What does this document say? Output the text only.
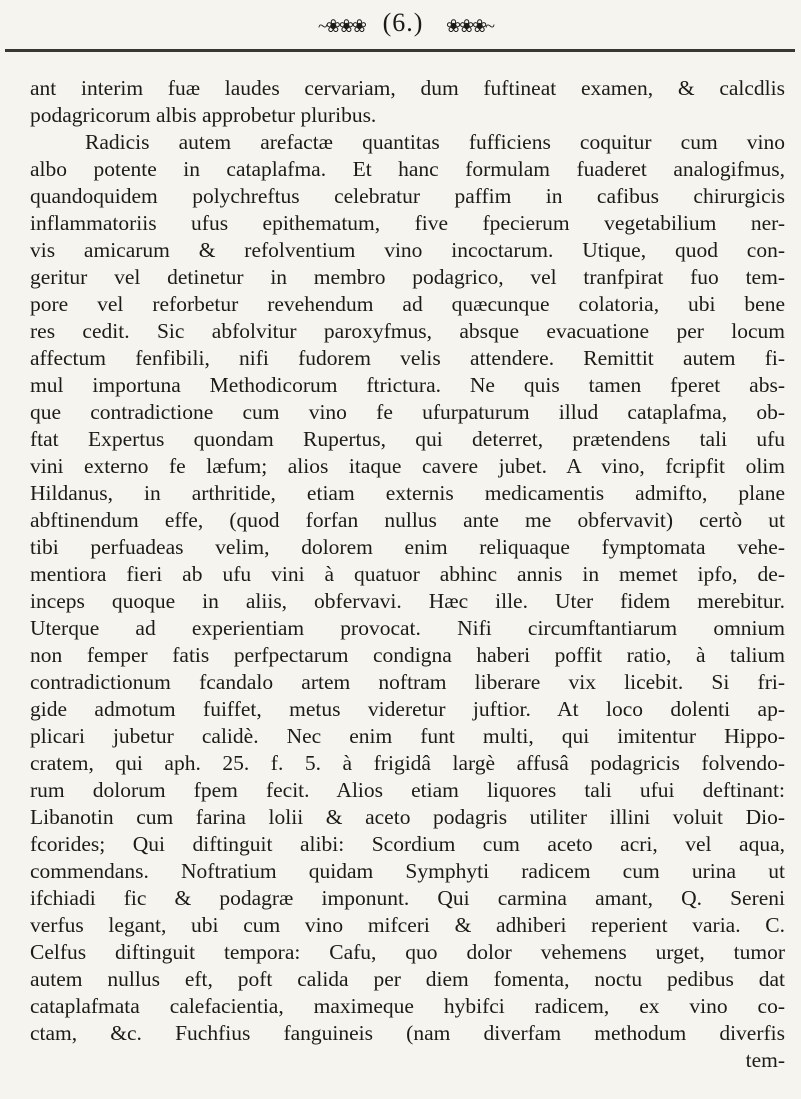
~❀❀❀ (6.)	❀❀❀~
ant interim fuæ laudes cervariam, dum fuftineat examen, & calcdlis
podagricorum albis approbetur pluribus.
Radicis autem arefactæ quantitas fufficiens coquitur cum vino
albo potente in cataplafma. Et hanc formulam fuaderet analogifmus,
quandoquidem polychreftus celebratur paffim in cafibus chirurgicis
inflammatoriis ufus epithematum, five fpecierum vegetabilium ner-
vis amicarum & refolventium vino incoctarum. Utique, quod con-
geritur vel detinetur in membro podagrico, vel tranfpirat fuo tem-
pore vel reforbetur revehendum ad quæcunque colatoria, ubi bene
res cedit. Sic abfolvitur paroxyfmus, absque evacuatione per locum
affectum fenfibili, nifi fudorem velis attendere. Remittit autem fi-
mul importuna Methodicorum ftrictura. Ne quis tamen fperet abs-
que contradictione cum vino fe ufurpaturum illud cataplafma, ob-
ftat Expertus quondam Rupertus, qui deterret, prætendens tali ufu
vini externo fe læfum; alios itaque cavere jubet. A vino, fcripfit olim
Hildanus, in arthritide, etiam externis medicamentis admifto, plane
abftinendum effe, (quod forfan nullus ante me obfervavit) certò ut
tibi perfuadeas velim, dolorem enim reliquaque fymptomata vehe-
mentiora fieri ab ufu vini à quatuor abhinc annis in memet ipfo, de-
inceps quoque in aliis, obfervavi. Hæc ille. Uter fidem merebitur.
Uterque ad experientiam provocat. Nifi circumftantiarum omnium
non femper fatis perfpectarum condigna haberi poffit ratio, à talium
contradictionum fcandalo artem noftram liberare vix licebit. Si fri-
gide admotum fuiffet, metus videretur juftior. At loco dolenti ap-
plicari jubetur calidè. Nec enim funt multi, qui imitentur Hippo-
cratem, qui aph. 25. f. 5. à frigidâ largè affusâ podagricis folvendo-
rum dolorum fpem fecit. Alios etiam liquores tali ufui deftinant:
Libanotin cum farina lolii & aceto podagris utiliter illini voluit Dio-
fcorides; Qui diftinguit alibi: Scordium cum aceto acri, vel aqua,
commendans. Noftratium quidam Symphyti radicem cum urina ut
ifchiadi fic & podagræ imponunt. Qui carmina amant, Q. Sereni
verfus legant, ubi cum vino mifceri & adhiberi reperient varia. C.
Celfus diftinguit tempora: Cafu, quo dolor vehemens urget, tumor
autem nullus eft, poft calida per diem fomenta, noctu pedibus dat
cataplafmata calefacientia, maximeque hybifci radicem, ex vino co-
ctam, &c. Fuchfius fanguineis (nam diverfam methodum diverfis
tem-
